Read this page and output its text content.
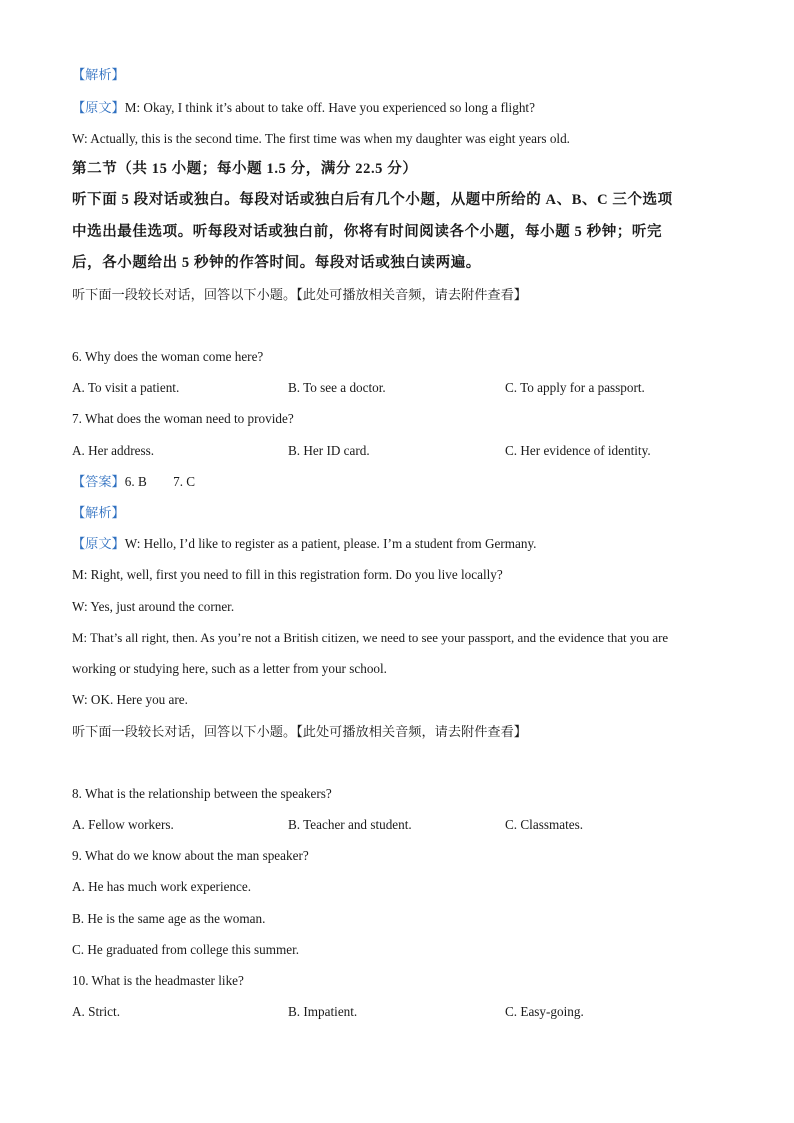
【解析】
【原文】M: Okay, I think it’s about to take off. Have you experienced so long a flight?
W: Actually, this is the second time. The first time was when my daughter was eight years old.
第二节（共 15 小题；每小题 1.5 分，满分 22.5 分）
听下面 5 段对话或独白。每段对话或独白后有几个小题，从题中所给的 A、B、C 三个选项
中选出最佳选项。听每段对话或独白前，你将有时间阅读各个小题，每小题 5 秒钟；听完
后，各小题给出 5 秒钟的作答时间。每段对话或独白读两遍。
听下面一段较长对话，回答以下小题。【此处可播放相关音频，请去附件查看】
6. Why does the woman come here?
A. To visit a patient.	B. To see a doctor.	C. To apply for a passport.
7. What does the woman need to provide?
A. Her address.	B. Her ID card.	C. Her evidence of identity.
【答案】6. B        7. C
【解析】
【原文】W: Hello, I’d like to register as a patient, please. I’m a student from Germany.
M: Right, well, first you need to fill in this registration form. Do you live locally?
W: Yes, just around the corner.
M: That’s all right, then. As you’re not a British citizen, we need to see your passport, and the evidence that you are
working or studying here, such as a letter from your school.
W: OK. Here you are.
听下面一段较长对话，回答以下小题。【此处可播放相关音频，请去附件查看】
8. What is the relationship between the speakers?
A. Fellow workers.	B. Teacher and student.	C. Classmates.
9. What do we know about the man speaker?
A. He has much work experience.
B. He is the same age as the woman.
C. He graduated from college this summer.
10. What is the headmaster like?
A. Strict.	B. Impatient.	C. Easy-going.
